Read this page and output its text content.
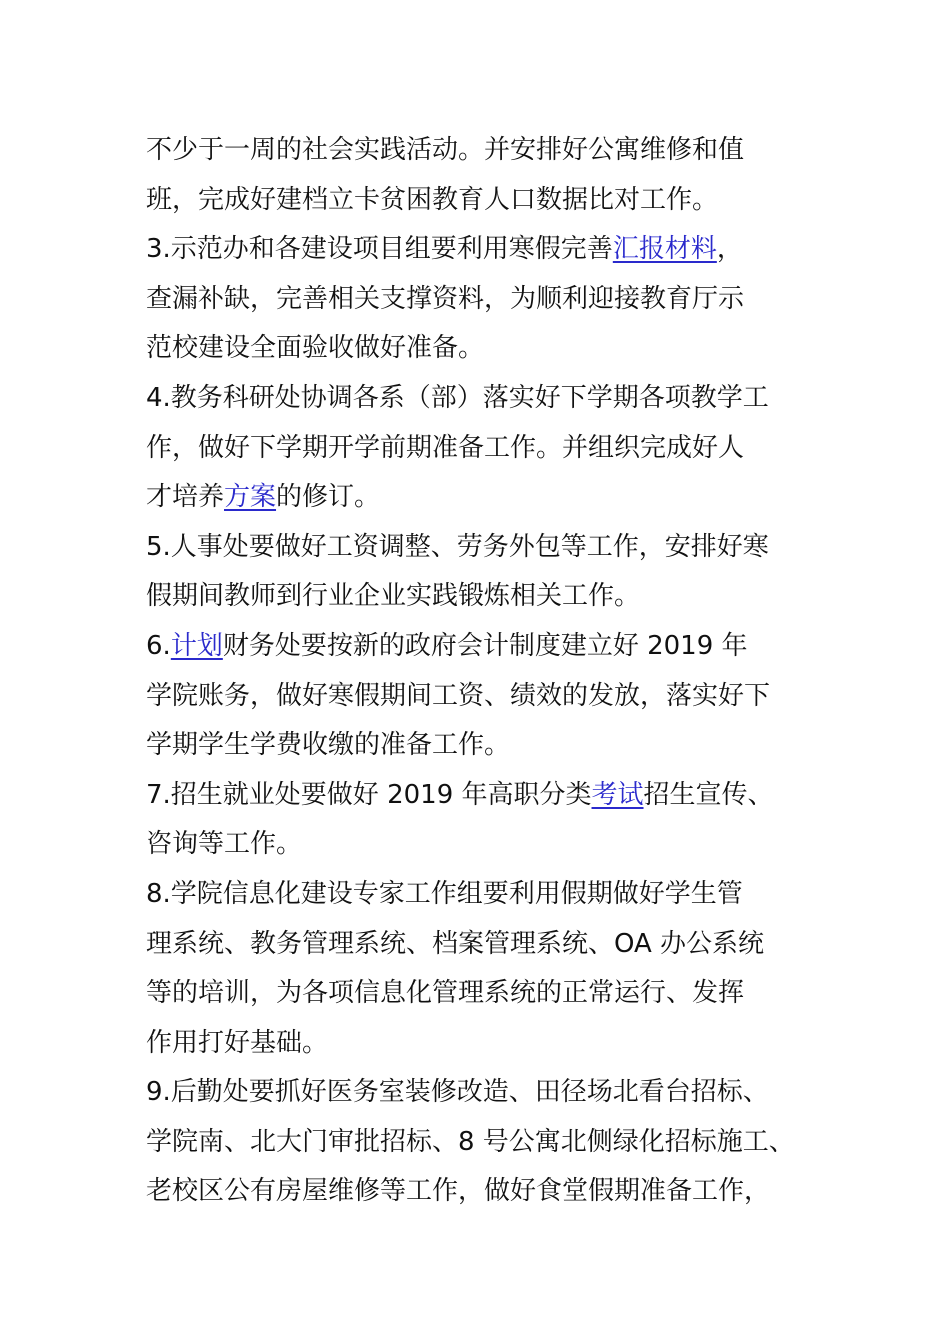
不少于一周的社会实践活动。并安排好公寓维修和值
班，完成好建档立卡贫困教育人口数据比对工作。
3.示范办和各建设项目组要利用寒假完善汇报材料，
查漏补缺，完善相关支撑资料，为顺利迎接教育厅示
范校建设全面验收做好准备。
4.教务科研处协调各系（部）落实好下学期各项教学工
作，做好下学期开学前期准备工作。并组织完成好人
才培养方案的修订。
5.人事处要做好工资调整、劳务外包等工作，安排好寒
假期间教师到行业企业实践锻炼相关工作。
6.计划财务处要按新的政府会计制度建立好 2019 年
学院账务，做好寒假期间工资、绩效的发放，落实好下
学期学生学费收缴的准备工作。
7.招生就业处要做好 2019 年高职分类考试招生宣传、
咨询等工作。
8.学院信息化建设专家工作组要利用假期做好学生管
理系统、教务管理系统、档案管理系统、OA 办公系统
等的培训，为各项信息化管理系统的正常运行、发挥
作用打好基础。
9.后勤处要抓好医务室装修改造、田径场北看台招标、
学院南、北大门审批招标、8 号公寓北侧绿化招标施工、
老校区公有房屋维修等工作，做好食堂假期准备工作，
